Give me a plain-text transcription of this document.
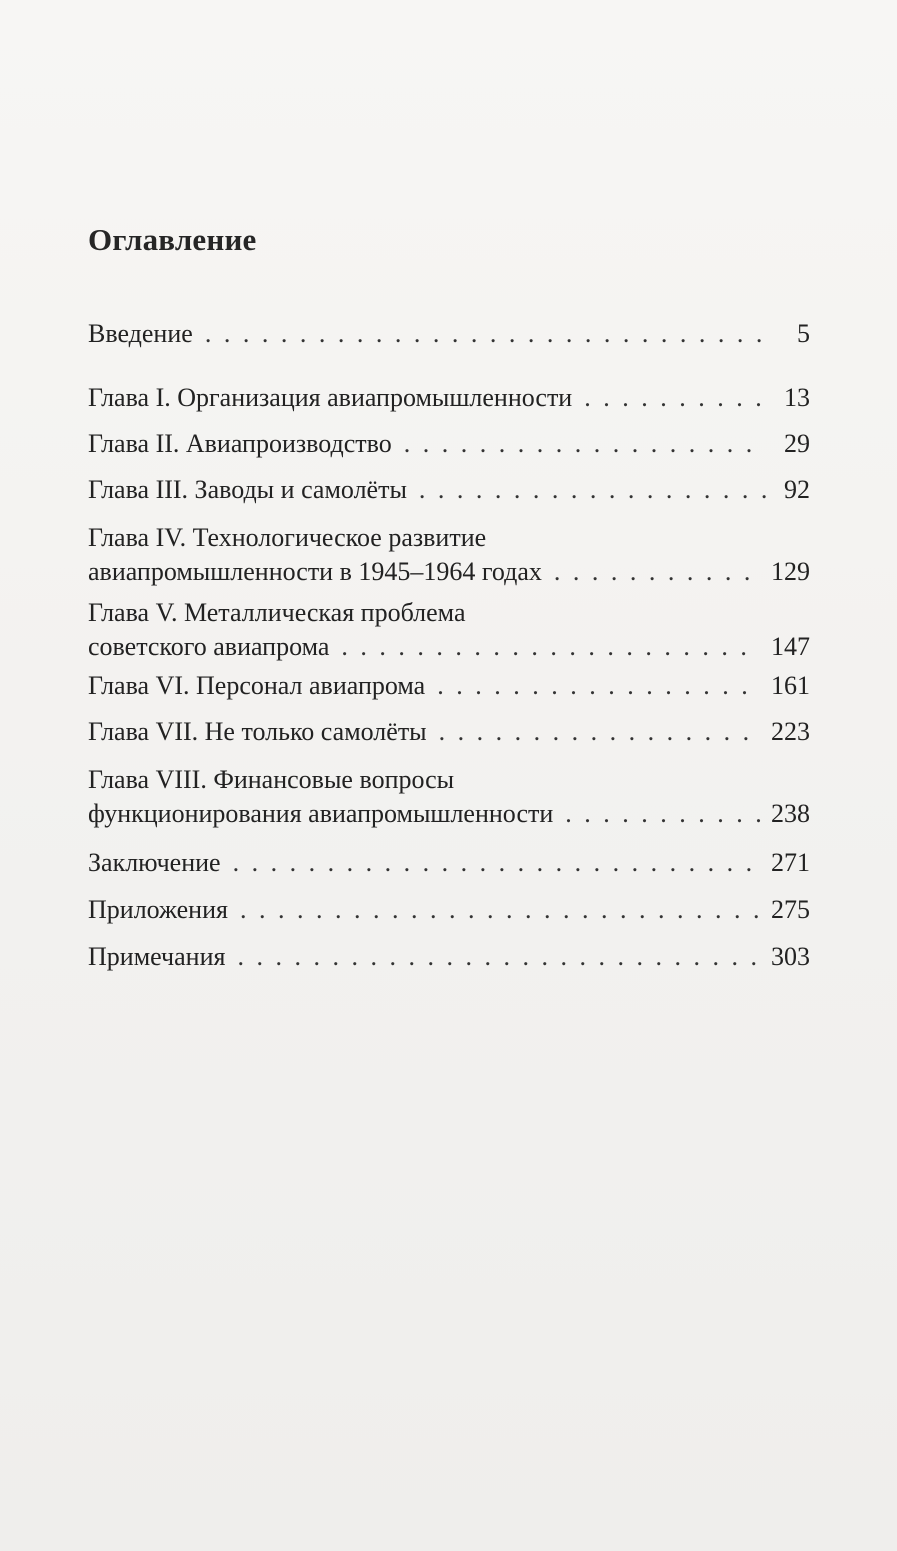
Оглавление
Введение . . .	5
Глава I. Организация авиапромышленности . . .	13
Глава II. Авиапроизводство . . .	29
Глава III. Заводы и самолёты . . .	92
Глава IV. Технологическое развитие
авиапромышленности в 1945–1964 годах . . .	129
Глава V. Металлическая проблема
советского авиапрома . . .	147
Глава VI. Персонал авиапрома . . .	161
Глава VII. Не только самолёты . . .	223
Глава VIII. Финансовые вопросы
функционирования авиапромышленности . . .	238
Заключение . . .	271
Приложения . . .	275
Примечания . . .	303
